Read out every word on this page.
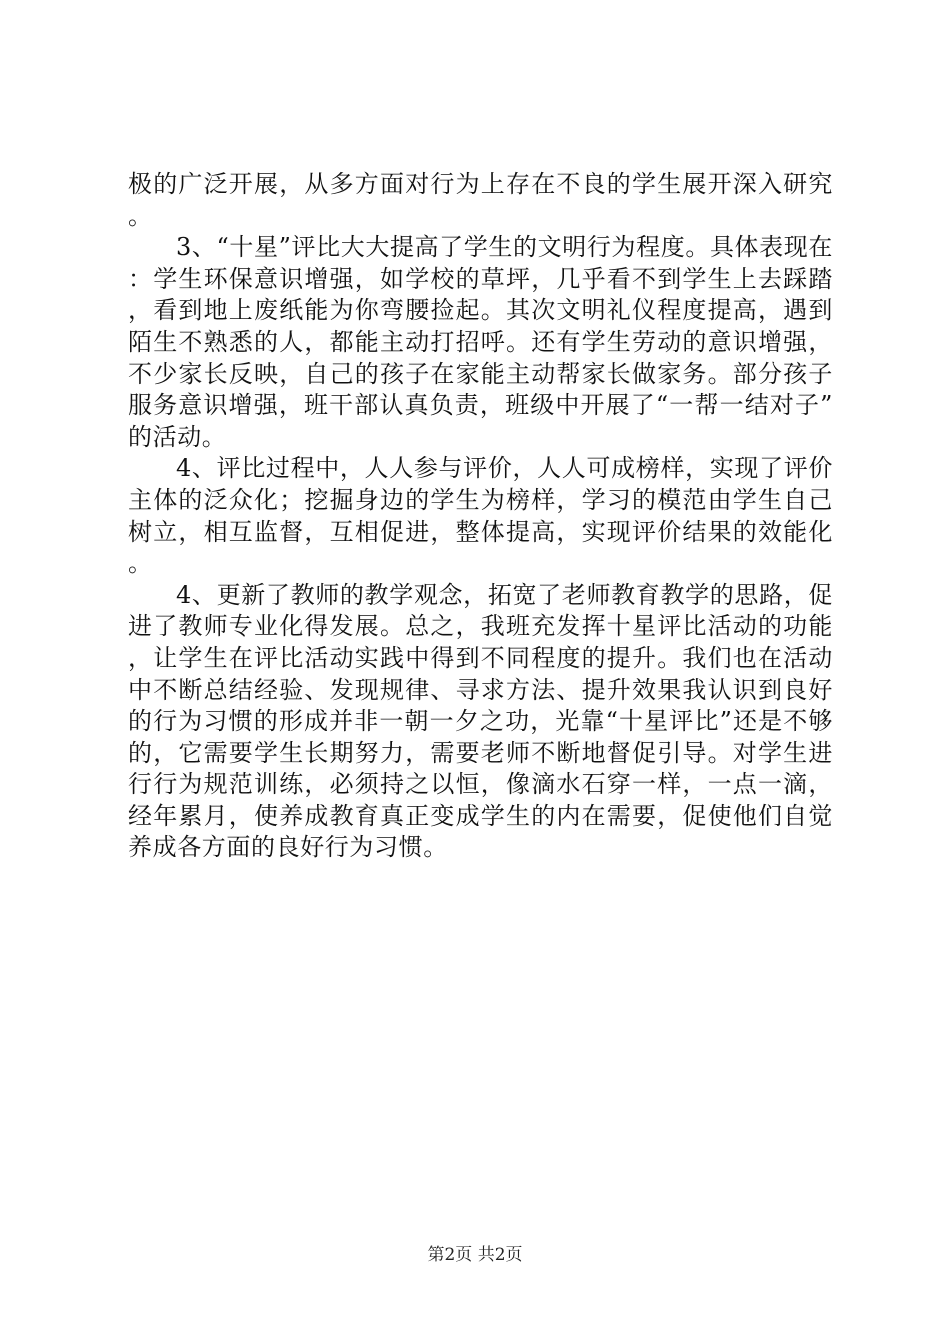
极的广泛开展，从多方面对行为上存在不良的学生展开深入研究。

3、“十星”评比大大提高了学生的文明行为程度。具体表现在：学生环保意识增强，如学校的草坪，几乎看不到学生上去踩踏，看到地上废纸能为你弯腰捡起。其次文明礼仪程度提高，遇到陌生不熟悉的人，都能主动打招呼。还有学生劳动的意识增强，不少家长反映，自己的孩子在家能主动帮家长做家务。部分孩子服务意识增强，班干部认真负责，班级中开展了“一帮一结对子”的活动。

4、评比过程中，人人参与评价，人人可成榜样，实现了评价主体的泛众化；挖掘身边的学生为榜样，学习的模范由学生自己树立，相互监督，互相促进，整体提高，实现评价结果的效能化。

4、更新了教师的教学观念，拓宽了老师教育教学的思路，促进了教师专业化得发展。总之，我班充发挥十星评比活动的功能，让学生在评比活动实践中得到不同程度的提升。我们也在活动中不断总结经验、发现规律、寻求方法、提升效果我认识到良好的行为习惯的形成并非一朝一夕之功，光靠“十星评比”还是不够的，它需要学生长期努力，需要老师不断地督促引导。对学生进行行为规范训练，必须持之以恒，像滴水石穿一样，一点一滴，经年累月，使养成教育真正变成学生的内在需要，促使他们自觉养成各方面的良好行为习惯。

第2页 共2页
